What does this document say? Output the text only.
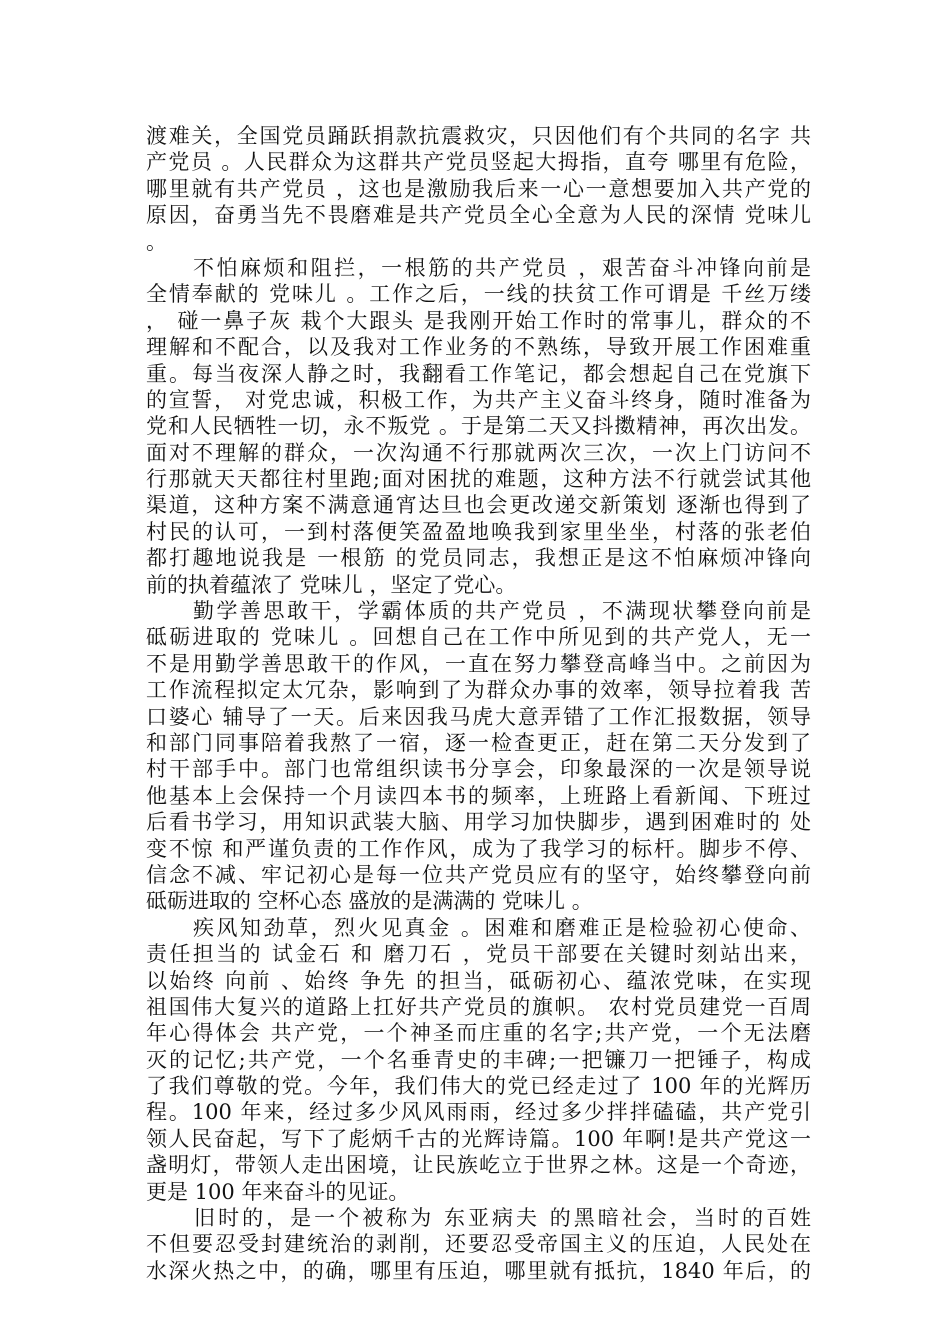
渡难关，全国党员踊跃捐款抗震救灾，只因他们有个共同的名字 共
产党员 。人民群众为这群共产党员竖起大拇指，直夸 哪里有危险，
哪里就有共产党员 ，这也是激励我后来一心一意想要加入共产党的
原因，奋勇当先不畏磨难是共产党员全心全意为人民的深情 党味儿
。
　　不怕麻烦和阻拦，一根筋的共产党员 ，艰苦奋斗冲锋向前是
全情奉献的 党味儿 。工作之后，一线的扶贫工作可谓是 千丝万缕
， 碰一鼻子灰 栽个大跟头 是我刚开始工作时的常事儿，群众的不
理解和不配合，以及我对工作业务的不熟练，导致开展工作困难重
重。每当夜深人静之时，我翻看工作笔记，都会想起自己在党旗下
的宣誓， 对党忠诚，积极工作，为共产主义奋斗终身，随时准备为
党和人民牺牲一切，永不叛党 。于是第二天又抖擞精神，再次出发。
面对不理解的群众，一次沟通不行那就两次三次，一次上门访问不
行那就天天都往村里跑;面对困扰的难题，这种方法不行就尝试其他
渠道，这种方案不满意通宵达旦也会更改递交新策划 逐渐也得到了
村民的认可，一到村落便笑盈盈地唤我到家里坐坐，村落的张老伯
都打趣地说我是 一根筋 的党员同志，我想正是这不怕麻烦冲锋向
前的执着蕴浓了 党味儿 ，坚定了党心。
　　勤学善思敢干，学霸体质的共产党员 ，不满现状攀登向前是
砥砺进取的 党味儿 。回想自己在工作中所见到的共产党人，无一
不是用勤学善思敢干的作风，一直在努力攀登高峰当中。之前因为
工作流程拟定太冗杂，影响到了为群众办事的效率，领导拉着我 苦
口婆心 辅导了一天。后来因我马虎大意弄错了工作汇报数据，领导
和部门同事陪着我熬了一宿，逐一检查更正，赶在第二天分发到了
村干部手中。部门也常组织读书分享会，印象最深的一次是领导说
他基本上会保持一个月读四本书的频率，上班路上看新闻、下班过
后看书学习，用知识武装大脑、用学习加快脚步，遇到困难时的 处
变不惊 和严谨负责的工作作风，成为了我学习的标杆。脚步不停、
信念不减、牢记初心是每一位共产党员应有的坚守，始终攀登向前
砥砺进取的 空杯心态 盛放的是满满的 党味儿 。
　　疾风知劲草，烈火见真金 。困难和磨难正是检验初心使命、
责任担当的 试金石 和 磨刀石 ，党员干部要在关键时刻站出来，
以始终 向前 、始终 争先 的担当，砥砺初心、蕴浓党味，在实现
祖国伟大复兴的道路上扛好共产党员的旗帜。 农村党员建党一百周
年心得体会 共产党，一个神圣而庄重的名字;共产党，一个无法磨
灭的记忆;共产党，一个名垂青史的丰碑;一把镰刀一把锤子，构成
了我们尊敬的党。今年，我们伟大的党已经走过了 100 年的光辉历
程。100 年来，经过多少风风雨雨，经过多少拌拌磕磕，共产党引
领人民奋起，写下了彪炳千古的光辉诗篇。100 年啊!是共产党这一
盏明灯，带领人走出困境，让民族屹立于世界之林。这是一个奇迹，
更是 100 年来奋斗的见证。
　　旧时的，是一个被称为 东亚病夫 的黑暗社会，当时的百姓
不但要忍受封建统治的剥削，还要忍受帝国主义的压迫，人民处在
水深火热之中，的确，哪里有压迫，哪里就有抵抗，1840 年后，的
